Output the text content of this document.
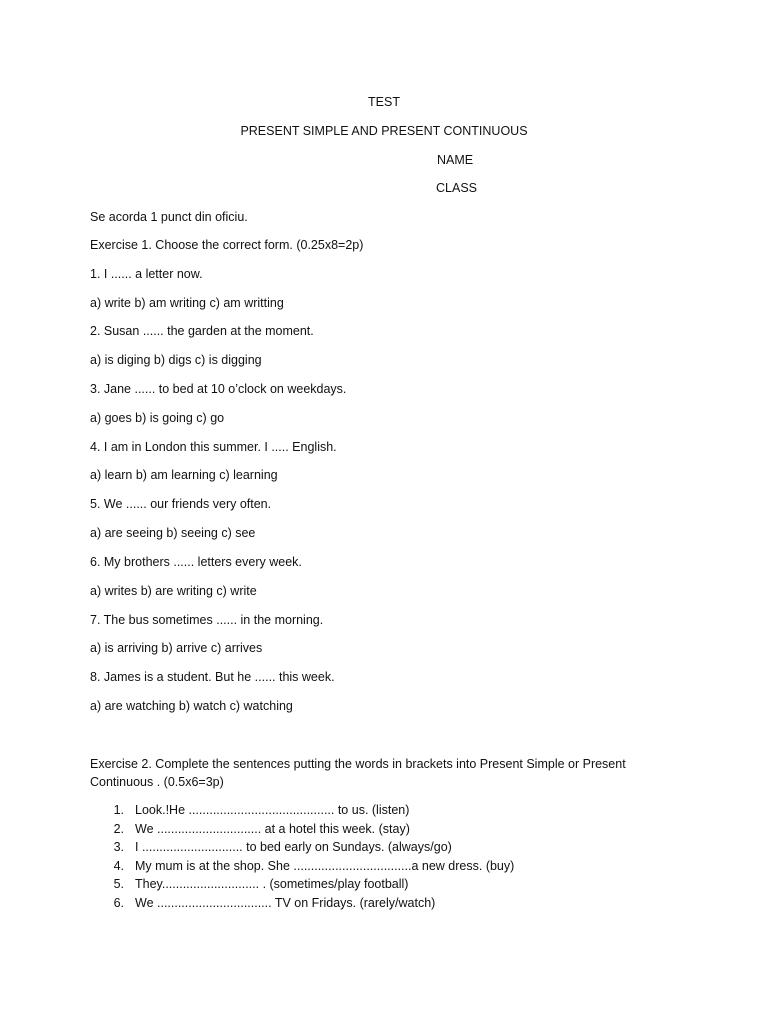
TEST
PRESENT SIMPLE AND PRESENT CONTINUOUS
NAME
CLASS
Se acorda 1 punct din oficiu.
Exercise 1. Choose the correct form. (0.25x8=2p)
1. I ...... a letter now.
a) write b) am writing c) am writting
2. Susan ...... the garden at the moment.
a) is diging b) digs c) is digging
3. Jane ...... to bed at 10 o’clock on weekdays.
a) goes b) is going c) go
4. I am in London this summer. I ..... English.
a) learn b) am learning c) learning
5. We ...... our friends very often.
a) are seeing b) seeing c) see
6. My brothers ...... letters every week.
a) writes b) are writing c) write
7. The bus sometimes ...... in the morning.
a) is arriving b) arrive c) arrives
8. James is a student. But he ...... this week.
a) are watching b) watch c) watching
Exercise 2. Complete the sentences putting the words in brackets into Present Simple or Present Continuous . (0.5x6=3p)
1. Look.!He .......................................... to us. (listen)
2. We .............................. at a hotel this week. (stay)
3. I ............................. to bed early on Sundays. (always/go)
4. My mum is at the shop. She ..................................a new dress. (buy)
5. They............................ . (sometimes/play football)
6. We ................................. TV on Fridays. (rarely/watch)
